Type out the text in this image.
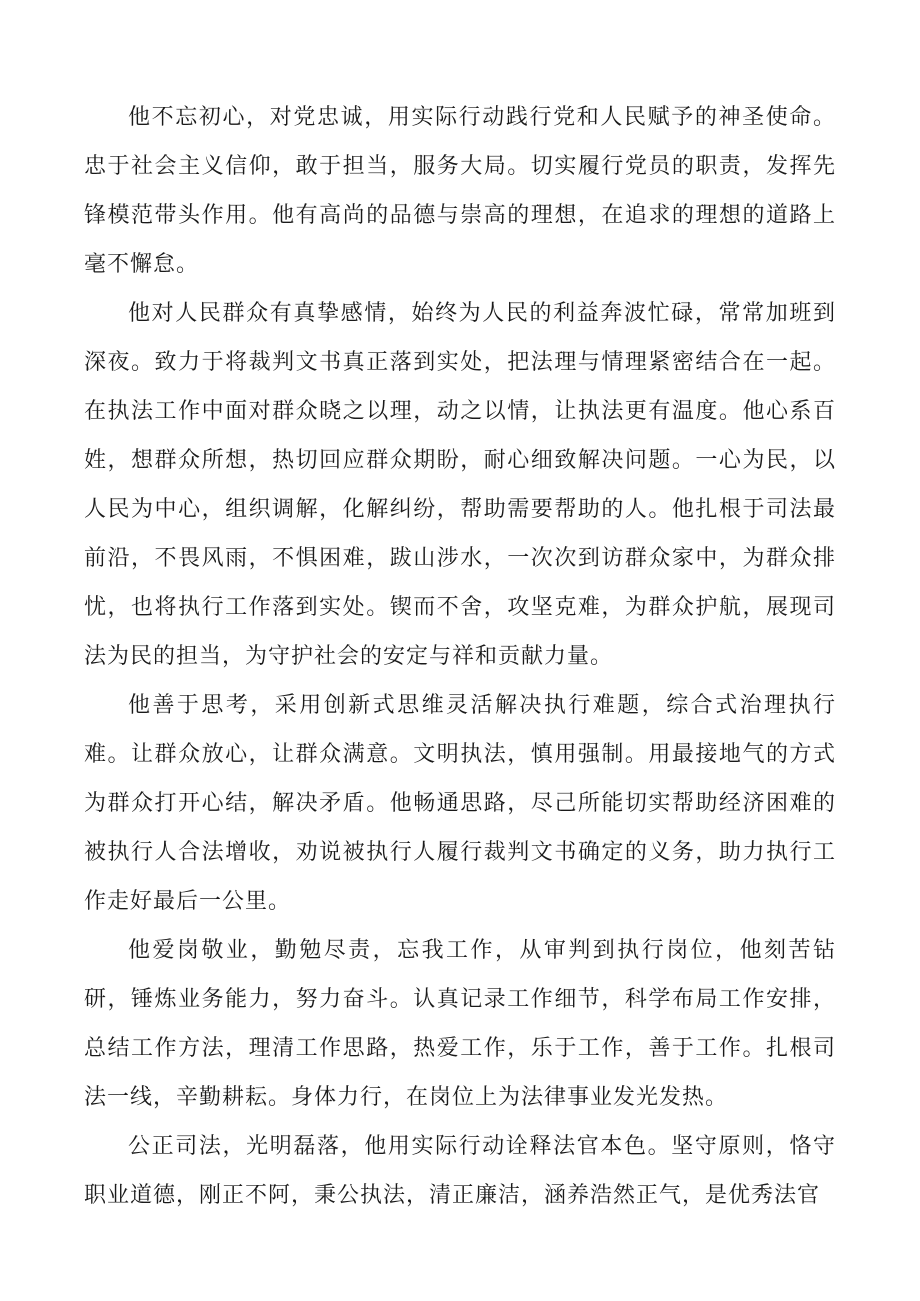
他不忘初心，对党忠诚，用实际行动践行党和人民赋予的神圣使命。忠于社会主义信仰，敢于担当，服务大局。切实履行党员的职责，发挥先锋模范带头作用。他有高尚的品德与崇高的理想，在追求的理想的道路上毫不懈怠。

他对人民群众有真挚感情，始终为人民的利益奔波忙碌，常常加班到深夜。致力于将裁判文书真正落到实处，把法理与情理紧密结合在一起。在执法工作中面对群众晓之以理，动之以情，让执法更有温度。他心系百姓，想群众所想，热切回应群众期盼，耐心细致解决问题。一心为民，以人民为中心，组织调解，化解纠纷，帮助需要帮助的人。他扎根于司法最前沿，不畏风雨，不惧困难，跋山涉水，一次次到访群众家中，为群众排忧，也将执行工作落到实处。锲而不舍，攻坚克难，为群众护航，展现司法为民的担当，为守护社会的安定与祥和贡献力量。

他善于思考，采用创新式思维灵活解决执行难题，综合式治理执行难。让群众放心，让群众满意。文明执法，慎用强制。用最接地气的方式为群众打开心结，解决矛盾。他畅通思路，尽己所能切实帮助经济困难的被执行人合法增收，劝说被执行人履行裁判文书确定的义务，助力执行工作走好最后一公里。

他爱岗敬业，勤勉尽责，忘我工作，从审判到执行岗位，他刻苦钻研，锤炼业务能力，努力奋斗。认真记录工作细节，科学布局工作安排，总结工作方法，理清工作思路，热爱工作，乐于工作，善于工作。扎根司法一线，辛勤耕耘。身体力行，在岗位上为法律事业发光发热。

公正司法，光明磊落，他用实际行动诠释法官本色。坚守原则，恪守职业道德，刚正不阿，秉公执法，清正廉洁，涵养浩然正气，是优秀法官
